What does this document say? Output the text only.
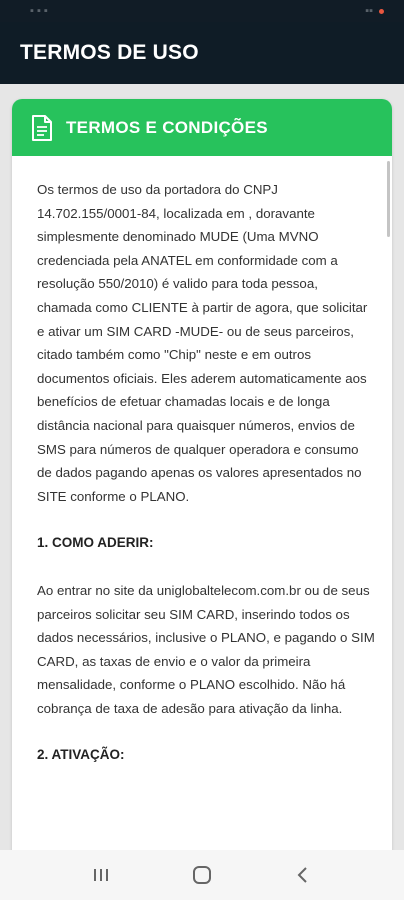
▪ ▪ ▪	▪▪
TERMOS DE USO
TERMOS E CONDIÇÕES

Os termos de uso da portadora do CNPJ 14.702.155/0001-84, localizada em , doravante simplesmente denominado MUDE (Uma MVNO credenciada pela ANATEL em conformidade com a resolução 550/2010) é valido para toda pessoa, chamada como CLIENTE à partir de agora, que solicitar e ativar um SIM CARD -MUDE- ou de seus parceiros, citado também como "Chip" neste e em outros documentos oficiais. Eles aderem automaticamente aos benefícios de efetuar chamadas locais e de longa distância nacional para quaisquer números, envios de SMS para números de qualquer operadora e consumo de dados pagando apenas os valores apresentados no SITE conforme o PLANO.

1. COMO ADERIR:

Ao entrar no site da uniglobaltelecom.com.br ou de seus parceiros solicitar seu SIM CARD, inserindo todos os dados necessários, inclusive o PLANO, e pagando o SIM CARD, as taxas de envio e o valor da primeira mensalidade, conforme o PLANO escolhido. Não há cobrança de taxa de adesão para ativação da linha.

2. ATIVAÇÃO:
